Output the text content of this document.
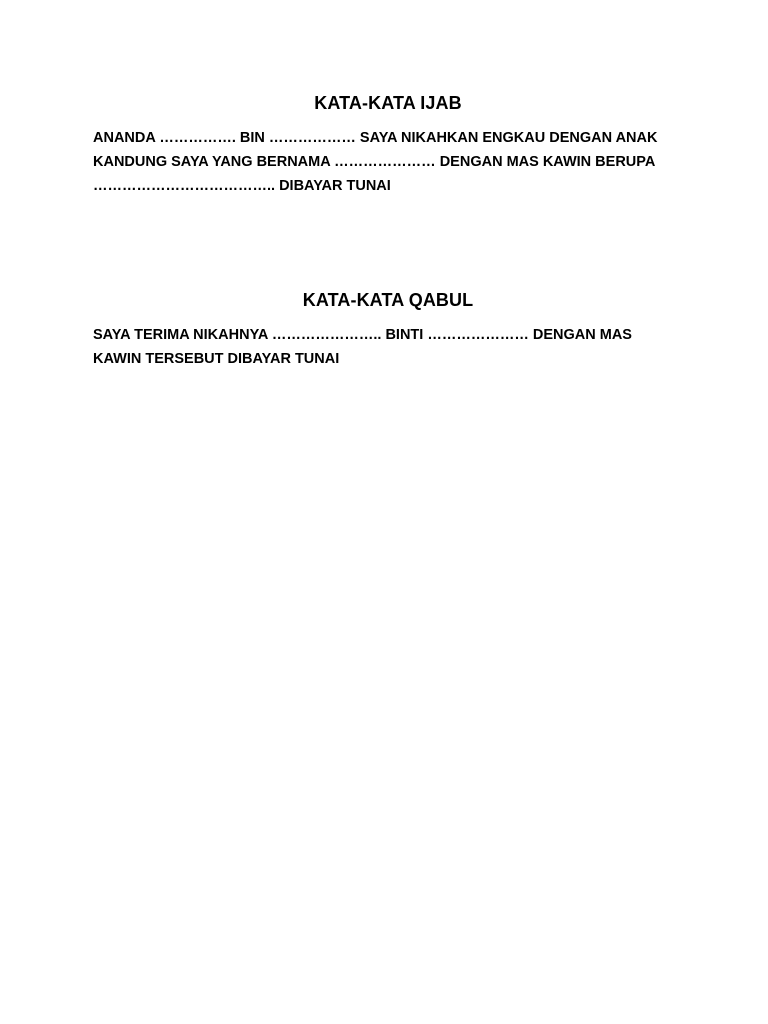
KATA-KATA IJAB

ANANDA ……………. BIN ……………… SAYA NIKAHKAN ENGKAU DENGAN ANAK KANDUNG SAYA YANG BERNAMA ………………… DENGAN MAS KAWIN BERUPA ……………………………….. DIBAYAR TUNAI

KATA-KATA QABUL

SAYA TERIMA NIKAHNYA ………………….. BINTI ………………… DENGAN MAS KAWIN TERSEBUT DIBAYAR TUNAI
